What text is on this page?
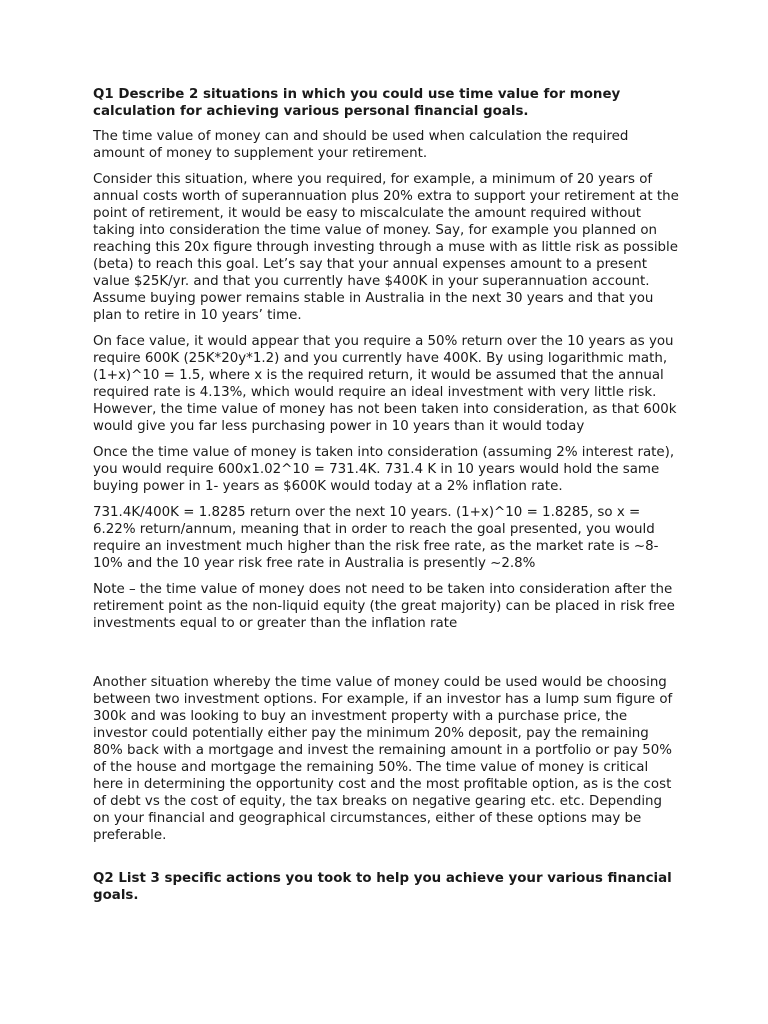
Q1 Describe 2 situations in which you could use time value for money calculation for achieving various personal financial goals.
The time value of money can and should be used when calculation the required amount of money to supplement your retirement.
Consider this situation, where you required, for example, a minimum of 20 years of annual costs worth of superannuation plus 20% extra to support your retirement at the point of retirement, it would be easy to miscalculate the amount required without taking into consideration the time value of money. Say, for example you planned on reaching this 20x figure through investing through a muse with as little risk as possible (beta) to reach this goal. Let’s say that your annual expenses amount to a present value $25K/yr. and that you currently have $400K in your superannuation account. Assume buying power remains stable in Australia in the next 30 years and that you plan to retire in 10 years’ time.
On face value, it would appear that you require a 50% return over the 10 years as you require 600K (25K*20y*1.2) and you currently have 400K. By using logarithmic math, (1+x)^10 = 1.5, where x is the required return, it would be assumed that the annual required rate is 4.13%, which would require an ideal investment with very little risk. However, the time value of money has not been taken into consideration, as that 600k would give you far less purchasing power in 10 years than it would today
Once the time value of money is taken into consideration (assuming 2% interest rate), you would require 600x1.02^10 = 731.4K. 731.4 K in 10 years would hold the same buying power in 1- years as $600K would today at a 2% inflation rate.
731.4K/400K = 1.8285 return over the next 10 years. (1+x)^10 = 1.8285, so x = 6.22% return/annum, meaning that in order to reach the goal presented, you would require an investment much higher than the risk free rate, as the market rate is ~8-10% and the 10 year risk free rate in Australia is presently ~2.8%
Note – the time value of money does not need to be taken into consideration after the retirement point as the non-liquid equity (the great majority) can be placed in risk free investments equal to or greater than the inflation rate
Another situation whereby the time value of money could be used would be choosing between two investment options. For example, if an investor has a lump sum figure of 300k and was looking to buy an investment property with a purchase price, the investor could potentially either pay the minimum 20% deposit, pay the remaining 80% back with a mortgage and invest the remaining amount in a portfolio or pay 50% of the house and mortgage the remaining 50%. The time value of money is critical here in determining the opportunity cost and the most profitable option, as is the cost of debt vs the cost of equity, the tax breaks on negative gearing etc. etc. Depending on your financial and geographical circumstances, either of these options may be preferable.
Q2 List 3 specific actions you took to help you achieve your various financial goals.
